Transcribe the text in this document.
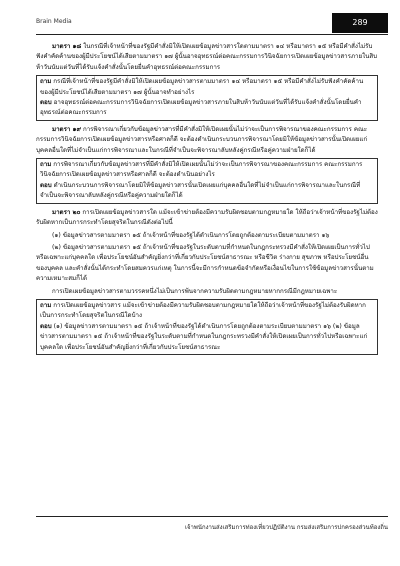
Brain Media	289

มาตรา ๑๘ ในกรณีที่เจ้าหน้าที่ของรัฐมีคำสั่งมิให้เปิดเผยข้อมูลข่าวสารใดตามมาตรา ๑๔ หรือมาตรา ๑๕ หรือมีคำสั่งไม่รับฟังคำคัดค้านของผู้มีประโยชน์ได้เสียตามมาตรา ๑๗ ผู้นั้นอาจอุทธรณ์ต่อคณะกรรมการวินิจฉัยการเปิดเผยข้อมูลข่าวสารภายในสิบห้าวันนับแต่วันที่ได้รับแจ้งคำสั่งนั้นโดยยื่นคำอุทธรณ์ต่อคณะกรรมการ

ถาม กรณีที่เจ้าหน้าที่ของรัฐมีคำสั่งมิให้เปิดเผยข้อมูลข่าวสารตามมาตรา ๑๔ หรือมาตรา ๑๕ หรือมีคำสั่งไม่รับฟังคำคัดค้านของผู้มีประโยชน์ได้เสียตามมาตรา ๑๗ ผู้นั้นอาจทำอย่างไร

ตอบ อาจอุทธรณ์ต่อคณะกรรมการวินิจฉัยการเปิดเผยข้อมูลข่าวสารภายในสิบห้าวันนับแต่วันที่ได้รับแจ้งคำสั่งนั้นโดยยื่นคำอุทธรณ์ต่อคณะกรรมการ

มาตรา ๑๙ การพิจารณาเกี่ยวกับข้อมูลข่าวสารที่มีคำสั่งมิให้เปิดเผยนั้นไม่ว่าจะเป็นการพิจารณาของคณะกรรมการ คณะกรรมการวินิจฉัยการเปิดเผยข้อมูลข่าวสารหรือศาลก็ดี จะต้องดำเนินกระบวนการพิจารณาโดยมิให้ข้อมูลข่าวสารนั้นเปิดเผยแก่บุคคลอื่นใดที่ไม่จำเป็นแก่การพิจารณาและในกรณีที่จำเป็นจะพิจารณาลับหลังคู่กรณีหรือคู่ความฝ่ายใดก็ได้

ถาม การพิจารณาเกี่ยวกับข้อมูลข่าวสารที่มีคำสั่งมิให้เปิดเผยนั้นไม่ว่าจะเป็นการพิจารณาของคณะกรรมการ คณะกรรมการวินิจฉัยการเปิดเผยข้อมูลข่าวสารหรือศาลก็ดี จะต้องดำเนินอย่างไร

ตอบ ดำเนินกระบวนการพิจารณาโดยมิให้ข้อมูลข่าวสารนั้นเปิดเผยแก่บุคคลอื่นใดที่ไม่จำเป็นแก่การพิจารณาและในกรณีที่จำเป็นจะพิจารณาลับหลังคู่กรณีหรือคู่ความฝ่ายใดก็ได้

มาตรา ๒๐ การเปิดเผยข้อมูลข่าวสารใด แม้จะเข้าข่ายต้องมีความรับผิดชอบตามกฎหมายใด ให้ถือว่าเจ้าหน้าที่ของรัฐไม่ต้องรับผิดหากเป็นการกระทำโดยสุจริตในกรณีดังต่อไปนี้

(๑) ข้อมูลข่าวสารตามมาตรา ๑๕ ถ้าเจ้าหน้าที่ของรัฐได้ดำเนินการโดยถูกต้องตามระเบียบตามมาตรา ๑๖

(๒) ข้อมูลข่าวสารตามมาตรา ๑๕ ถ้าเจ้าหน้าที่ของรัฐในระดับตามที่กำหนดในกฎกระทรวงมีคำสั่งให้เปิดเผยเป็นการทั่วไปหรือเฉพาะแก่บุคคลใด เพื่อประโยชน์อันสำคัญยิ่งกว่าที่เกี่ยวกับประโยชน์สาธารณะ หรือชีวิต ร่างกาย สุขภาพ หรือประโยชน์อื่นของบุคคล และคำสั่งนั้นได้กระทำโดยสมควรแก่เหตุ ในการนี้จะมีการกำหนดข้อจำกัดหรือเงื่อนไขในการใช้ข้อมูลข่าวสารนั้นตามความเหมาะสมก็ได้

การเปิดเผยข้อมูลข่าวสารตามวรรคหนึ่งไม่เป็นการพ้นจากความรับผิดตามกฎหมายหากกรณีมีกฎหมายเฉพาะ

ถาม การเปิดเผยข้อมูลข่าวสาร แม้จะเข้าข่ายต้องมีความรับผิดชอบตามกฎหมายใดให้ถือว่าเจ้าหน้าที่ของรัฐไม่ต้องรับผิดหากเป็นการกระทำโดยสุจริตในกรณีใดบ้าง

ตอบ (๑) ข้อมูลข่าวสารตามมาตรา ๑๕ ถ้าเจ้าหน้าที่ของรัฐได้ดำเนินการโดยถูกต้องตามระเบียบตามมาตรา ๑๖ (๒) ข้อมูลข่าวสารตามมาตรา ๑๕ ถ้าเจ้าหน้าที่ของรัฐในระดับตามที่กำหนดในกฎกระทรวงมีคำสั่งให้เปิดเผยเป็นการทั่วไปหรือเฉพาะแก่บุคคลใด เพื่อประโยชน์อันสำคัญยิ่งกว่าที่เกี่ยวกับประโยชน์สาธารณะ

เจ้าพนักงานส่งเสริมการท่องเที่ยวปฏิบัติงาน กรมส่งเสริมการปกครองส่วนท้องถิ่น
